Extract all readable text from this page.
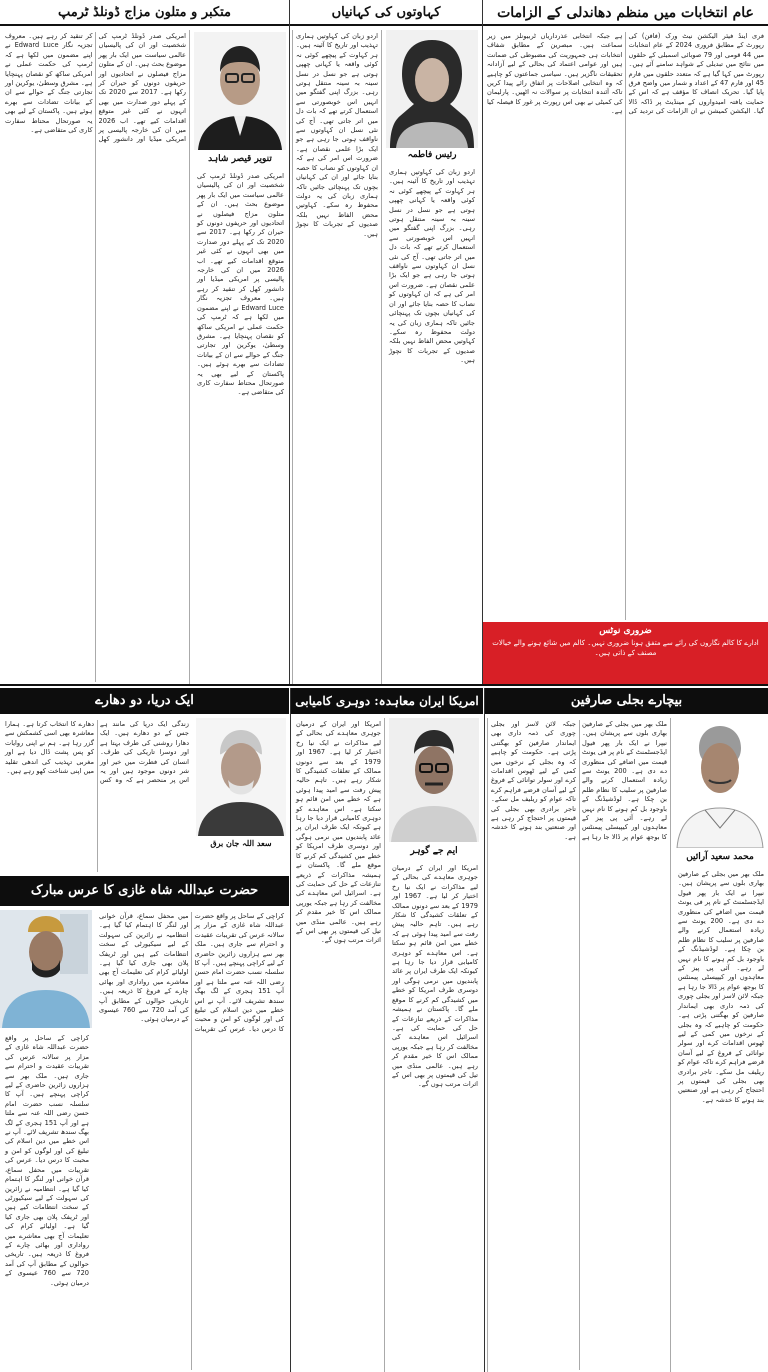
عام انتخابات میں منظم دھاندلی کے الزامات
فری اینڈ فیئر الیکشن نیٹ ورک (فافن) کی رپورٹ کے مطابق فروری 2024 کے عام انتخابات میں 44 قومی اور 79 صوبائی اسمبلی کے حلقوں میں نتائج میں تبدیلی کے شواہد سامنے آئے ہیں۔ رپورٹ میں کہا گیا ہے کہ متعدد حلقوں میں فارم 45 اور فارم 47 کے اعداد و شمار میں واضح فرق پایا گیا۔ تحریک انصاف کا مؤقف ہے کہ اس کے حمایت یافتہ امیدواروں کے مینڈیٹ پر ڈاکہ ڈالا گیا۔ الیکشن کمیشن نے ان الزامات کی تردید کی ہے جبکہ انتخابی عذرداریاں ٹربیونلز میں زیر سماعت ہیں۔ مبصرین کے مطابق شفاف انتخابات ہی جمہوریت کی مضبوطی کی ضمانت ہیں اور عوامی اعتماد کی بحالی کے لیے آزادانہ تحقیقات ناگزیر ہیں۔ سیاسی جماعتوں کو چاہیے کہ وہ انتخابی اصلاحات پر اتفاق رائے پیدا کریں تاکہ آئندہ انتخابات پر سوالات نہ اٹھیں۔ پارلیمان کی کمیٹی نے بھی اس رپورٹ پر غور کا فیصلہ کیا ہے۔
ضروری نوٹس
ادارے کا کالم نگاروں کی رائے سے متفق ہونا ضروری نہیں۔ کالم میں شائع ہونے والے خیالات مصنف کے ذاتی ہیں۔
کہاوتوں کی کہانیاں
رئیس فاطمہ
اردو زبان کی کہاوتیں ہماری تہذیب اور تاریخ کا آئینہ ہیں۔ ہر کہاوت کے پیچھے کوئی نہ کوئی واقعہ یا کہانی چھپی ہوتی ہے جو نسل در نسل سینہ بہ سینہ منتقل ہوتی رہی۔ بزرگ اپنی گفتگو میں انہیں اس خوبصورتی سے استعمال کرتے تھے کہ بات دل میں اتر جاتی تھی۔ آج کی نئی نسل ان کہاوتوں سے ناواقف ہوتی جا رہی ہے جو ایک بڑا علمی نقصان ہے۔ ضرورت اس امر کی ہے کہ ان کہاوتوں کو نصاب کا حصہ بنایا جائے اور ان کی کہانیاں بچوں تک پہنچائی جائیں تاکہ ہماری زبان کی یہ دولت محفوظ رہ سکے۔ کہاوتیں محض الفاظ نہیں بلکہ صدیوں کے تجربات کا نچوڑ ہیں۔
اردو زبان کی کہاوتیں ہماری تہذیب اور تاریخ کا آئینہ ہیں۔ ہر کہاوت کے پیچھے کوئی نہ کوئی واقعہ یا کہانی چھپی ہوتی ہے جو نسل در نسل سینہ بہ سینہ منتقل ہوتی رہی۔ بزرگ اپنی گفتگو میں انہیں اس خوبصورتی سے استعمال کرتے تھے کہ بات دل میں اتر جاتی تھی۔ آج کی نئی نسل ان کہاوتوں سے ناواقف ہوتی جا رہی ہے جو ایک بڑا علمی نقصان ہے۔ ضرورت اس امر کی ہے کہ ان کہاوتوں کو نصاب کا حصہ بنایا جائے اور ان کی کہانیاں بچوں تک پہنچائی جائیں تاکہ ہماری زبان کی یہ دولت محفوظ رہ سکے۔ کہاوتیں محض الفاظ نہیں بلکہ صدیوں کے تجربات کا نچوڑ ہیں۔
متکبر و متلون مزاج ڈونلڈ ٹرمپ
تنویر قیصر شاہد
امریکی صدر ڈونلڈ ٹرمپ کی شخصیت اور ان کی پالیسیاں عالمی سیاست میں ایک بار پھر موضوع بحث ہیں۔ ان کے متلون مزاج فیصلوں نے اتحادیوں اور حریفوں دونوں کو حیران کر رکھا ہے۔ 2017 سے 2020 تک کے پہلے دور صدارت میں بھی انہوں نے کئی غیر متوقع اقدامات کیے تھے۔ اب 2026 میں ان کی خارجہ پالیسی پر امریکی میڈیا اور دانشور کھل کر تنقید کر رہے ہیں۔ معروف تجزیہ نگار Edward Luce نے اپنے مضمون میں لکھا ہے کہ ٹرمپ کی حکمت عملی نے امریکی ساکھ کو نقصان پہنچایا ہے۔ مشرق وسطیٰ، یوکرین اور تجارتی جنگ کے حوالے سے ان کے بیانات تضادات سے بھرے ہوئے ہیں۔ پاکستان کے لیے بھی یہ صورتحال محتاط سفارت کاری کی متقاضی ہے۔
امریکی صدر ڈونلڈ ٹرمپ کی شخصیت اور ان کی پالیسیاں عالمی سیاست میں ایک بار پھر موضوع بحث ہیں۔ ان کے متلون مزاج فیصلوں نے اتحادیوں اور حریفوں دونوں کو حیران کر رکھا ہے۔ 2017 سے 2020 تک کے پہلے دور صدارت میں بھی انہوں نے کئی غیر متوقع اقدامات کیے تھے۔ اب 2026 میں ان کی خارجہ پالیسی پر امریکی میڈیا اور دانشور کھل کر تنقید کر رہے ہیں۔ معروف تجزیہ نگار Edward Luce نے اپنے مضمون میں لکھا ہے کہ ٹرمپ کی حکمت عملی نے امریکی ساکھ کو نقصان پہنچایا ہے۔ مشرق وسطیٰ، یوکرین اور تجارتی جنگ کے حوالے سے ان کے بیانات تضادات سے بھرے ہوئے ہیں۔ پاکستان کے لیے بھی یہ صورتحال محتاط سفارت کاری کی متقاضی ہے۔
بیچارے بجلی صارفین
محمد سعید آرائیں
ملک بھر میں بجلی کے صارفین بھاری بلوں سے پریشان ہیں۔ نیپرا نے ایک بار پھر فیول ایڈجسٹمنٹ کے نام پر فی یونٹ قیمت میں اضافے کی منظوری دے دی ہے۔ 200 یونٹ سے زیادہ استعمال کرنے والے صارفین پر سلیب کا نظام ظلم بن چکا ہے۔ لوڈشیڈنگ کے باوجود بل کم ہونے کا نام نہیں لے رہے۔ آئی پی پیز کے معاہدوں اور کیپیسٹی پیمنٹس کا بوجھ عوام پر ڈالا جا رہا ہے جبکہ لائن لاسز اور بجلی چوری کی ذمہ داری بھی ایماندار صارفین کو بھگتنی پڑتی ہے۔ حکومت کو چاہیے کہ وہ بجلی کے نرخوں میں کمی کے لیے ٹھوس اقدامات کرے اور سولر توانائی کے فروغ کے لیے آسان قرضے فراہم کرے تاکہ عوام کو ریلیف مل سکے۔ تاجر برادری بھی بجلی کی قیمتوں پر احتجاج کر رہی ہے اور صنعتیں بند ہونے کا خدشہ ہے۔
ملک بھر میں بجلی کے صارفین بھاری بلوں سے پریشان ہیں۔ نیپرا نے ایک بار پھر فیول ایڈجسٹمنٹ کے نام پر فی یونٹ قیمت میں اضافے کی منظوری دے دی ہے۔ 200 یونٹ سے زیادہ استعمال کرنے والے صارفین پر سلیب کا نظام ظلم بن چکا ہے۔ لوڈشیڈنگ کے باوجود بل کم ہونے کا نام نہیں لے رہے۔ آئی پی پیز کے معاہدوں اور کیپیسٹی پیمنٹس کا بوجھ عوام پر ڈالا جا رہا ہے جبکہ لائن لاسز اور بجلی چوری کی ذمہ داری بھی ایماندار صارفین کو بھگتنی پڑتی ہے۔ حکومت کو چاہیے کہ وہ بجلی کے نرخوں میں کمی کے لیے ٹھوس اقدامات کرے اور سولر توانائی کے فروغ کے لیے آسان قرضے فراہم کرے تاکہ عوام کو ریلیف مل سکے۔ تاجر برادری بھی بجلی کی قیمتوں پر احتجاج کر رہی ہے اور صنعتیں بند ہونے کا خدشہ ہے۔
امریکا ایران معاہدہ: دوہری کامیابی
ایم جے گوہر
امریکا اور ایران کے درمیان جوہری معاہدے کی بحالی کے لیے مذاکرات نے ایک نیا رخ اختیار کر لیا ہے۔ 1967 اور 1979 کے بعد سے دونوں ممالک کے تعلقات کشیدگی کا شکار رہے ہیں۔ تاہم حالیہ پیش رفت سے امید پیدا ہوئی ہے کہ خطے میں امن قائم ہو سکتا ہے۔ اس معاہدے کو دوہری کامیابی قرار دیا جا رہا ہے کیونکہ ایک طرف ایران پر عائد پابندیوں میں نرمی ہوگی اور دوسری طرف امریکا کو خطے میں کشیدگی کم کرنے کا موقع ملے گا۔ پاکستان نے ہمیشہ مذاکرات کے ذریعے تنازعات کے حل کی حمایت کی ہے۔ اسرائیل اس معاہدے کی مخالفت کر رہا ہے جبکہ یورپی ممالک اس کا خیر مقدم کر رہے ہیں۔ عالمی منڈی میں تیل کی قیمتوں پر بھی اس کے اثرات مرتب ہوں گے۔
امریکا اور ایران کے درمیان جوہری معاہدے کی بحالی کے لیے مذاکرات نے ایک نیا رخ اختیار کر لیا ہے۔ 1967 اور 1979 کے بعد سے دونوں ممالک کے تعلقات کشیدگی کا شکار رہے ہیں۔ تاہم حالیہ پیش رفت سے امید پیدا ہوئی ہے کہ خطے میں امن قائم ہو سکتا ہے۔ اس معاہدے کو دوہری کامیابی قرار دیا جا رہا ہے کیونکہ ایک طرف ایران پر عائد پابندیوں میں نرمی ہوگی اور دوسری طرف امریکا کو خطے میں کشیدگی کم کرنے کا موقع ملے گا۔ پاکستان نے ہمیشہ مذاکرات کے ذریعے تنازعات کے حل کی حمایت کی ہے۔ اسرائیل اس معاہدے کی مخالفت کر رہا ہے جبکہ یورپی ممالک اس کا خیر مقدم کر رہے ہیں۔ عالمی منڈی میں تیل کی قیمتوں پر بھی اس کے اثرات مرتب ہوں گے۔
ایک دریا، دو دھارے
سعد اللہ جان برق
زندگی ایک دریا کی مانند ہے جس کے دو دھارے ہیں۔ ایک دھارا روشنی کی طرف بہتا ہے اور دوسرا تاریکی کی طرف۔ انسان کی فطرت میں خیر اور شر دونوں موجود ہیں اور یہ اس پر منحصر ہے کہ وہ کس دھارے کا انتخاب کرتا ہے۔ ہمارا معاشرہ بھی اسی کشمکش سے گزر رہا ہے۔ ہم نے اپنی روایات کو پس پشت ڈال دیا ہے اور مغربی تہذیب کی اندھی تقلید میں اپنی شناخت کھو رہے ہیں۔
حضرت عبداللہ شاہ غازی کا عرس مبارک
کراچی کے ساحل پر واقع حضرت عبداللہ شاہ غازی کے مزار پر سالانہ عرس کی تقریبات عقیدت و احترام سے جاری ہیں۔ ملک بھر سے ہزاروں زائرین حاضری کے لیے کراچی پہنچے ہیں۔ آپ کا سلسلہ نسب حضرت امام حسن رضی اللہ عنہ سے ملتا ہے اور آپ 151 ہجری کے لگ بھگ سندھ تشریف لائے۔ آپ نے اس خطے میں دین اسلام کی تبلیغ کی اور لوگوں کو امن و محبت کا درس دیا۔ عرس کی تقریبات میں محفل سماع، قرآن خوانی اور لنگر کا اہتمام کیا گیا ہے۔ انتظامیہ نے زائرین کی سہولت کے لیے سیکیورٹی کے سخت انتظامات کیے ہیں اور ٹریفک پلان بھی جاری کیا گیا ہے۔ اولیائے کرام کی تعلیمات آج بھی معاشرے میں رواداری اور بھائی چارے کے فروغ کا ذریعہ ہیں۔ تاریخی حوالوں کے مطابق آپ کی آمد 720 سے 760 عیسوی کے درمیان ہوئی۔
کراچی کے ساحل پر واقع حضرت عبداللہ شاہ غازی کے مزار پر سالانہ عرس کی تقریبات عقیدت و احترام سے جاری ہیں۔ ملک بھر سے ہزاروں زائرین حاضری کے لیے کراچی پہنچے ہیں۔ آپ کا سلسلہ نسب حضرت امام حسن رضی اللہ عنہ سے ملتا ہے اور آپ 151 ہجری کے لگ بھگ سندھ تشریف لائے۔ آپ نے اس خطے میں دین اسلام کی تبلیغ کی اور لوگوں کو امن و محبت کا درس دیا۔ عرس کی تقریبات میں محفل سماع، قرآن خوانی اور لنگر کا اہتمام کیا گیا ہے۔ انتظامیہ نے زائرین کی سہولت کے لیے سیکیورٹی کے سخت انتظامات کیے ہیں اور ٹریفک پلان بھی جاری کیا گیا ہے۔ اولیائے کرام کی تعلیمات آج بھی معاشرے میں رواداری اور بھائی چارے کے فروغ کا ذریعہ ہیں۔ تاریخی حوالوں کے مطابق آپ کی آمد 720 سے 760 عیسوی کے درمیان ہوئی۔
